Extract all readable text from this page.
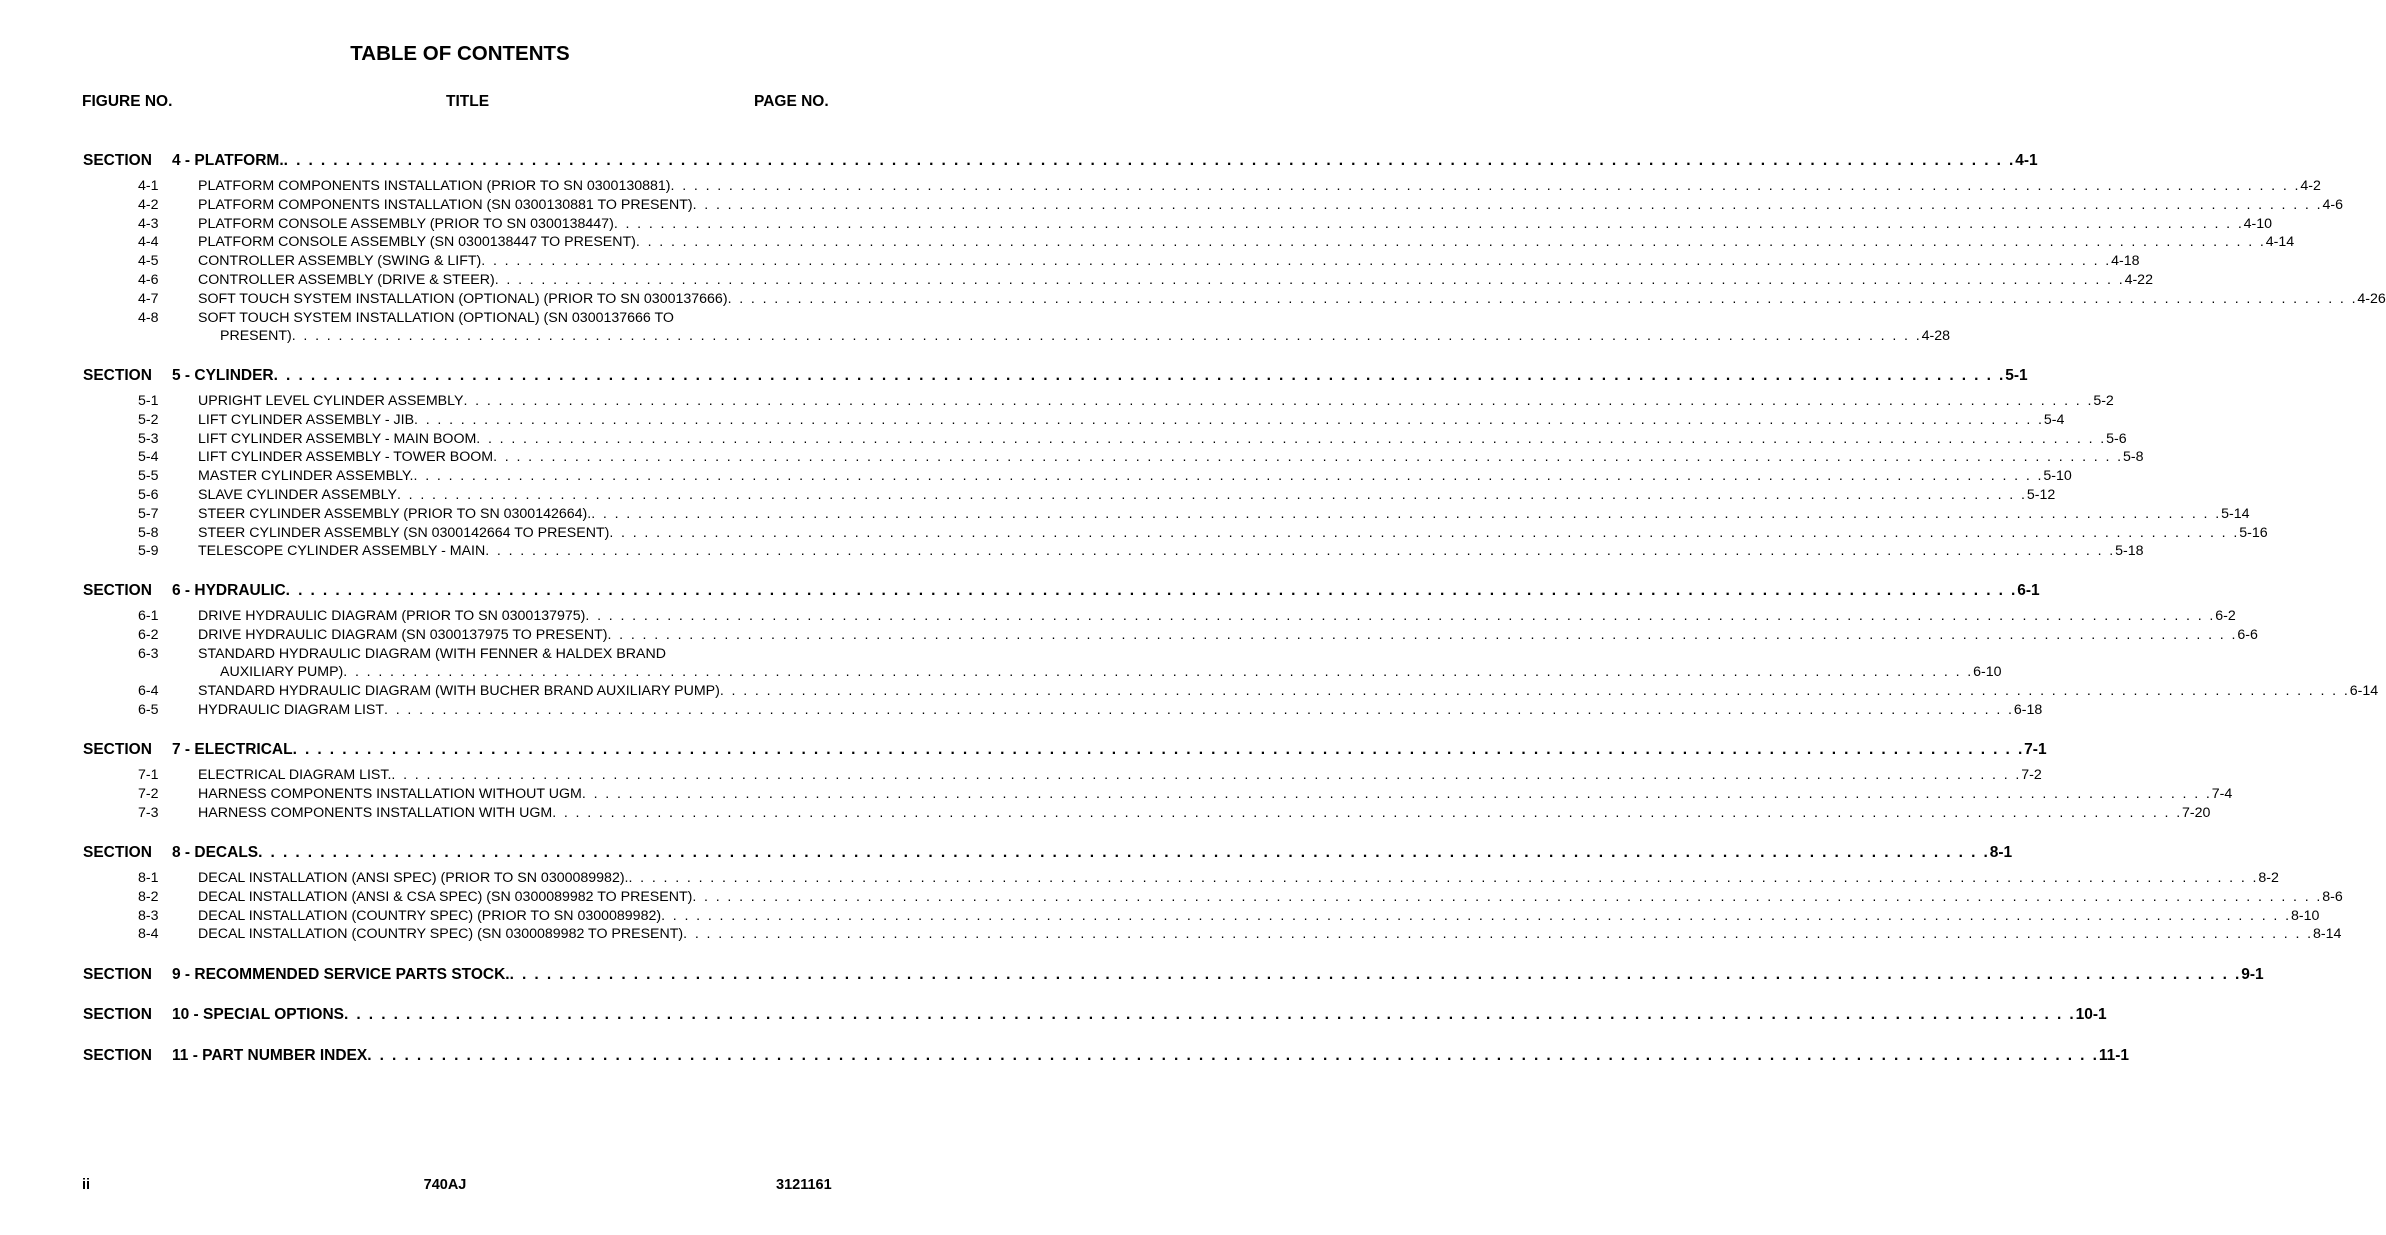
TABLE OF CONTENTS
FIGURE NO.	TITLE	PAGE NO.
SECTION 4 - PLATFORM. . . . . . . . . . . . . . . . . . . . . . . . . . . . . . . . . . . . . . . . . . . . . . . . . . . . . . . . . . . . . . . . . . . . . . . . . . . . . . . . . . . . . . . . . . . . . . . . . . . . . . . . . . . . . . . . . . . . . . . . . . . . . . . . . . . . . . . . . . . . . 4-1
4-1	PLATFORM COMPONENTS INSTALLATION (PRIOR TO SN 0300130881) . . . . . . . . . . . . . . . . . . . . . . . . . . . . . . . . . . . . . . . . . . . . . . . . . . . . . . . . . . . . . . . . . . . . . . . . . . . . . . . . . . . . . . . . . . . . . . . . . . . . . . . . . . . . . . . . . . . . . . . . . . . . . . . . . . . . . . . . . . . . 4-2
4-2	PLATFORM COMPONENTS INSTALLATION (SN 0300130881 TO PRESENT) . . . . . . . . . . . . . . . . . . . . . . . . . . . . . . . . . . . . . . . . . . . . . . . . . . . . . . . . . . . . . . . . . . . . . . . . . . . . . . . . . . . . . . . . . . . . . . . . . . . . . . . . . . . . . . . . . . . . . . . . . . . . . . . . . . . . . . . . . . . . 4-6
4-3	PLATFORM CONSOLE ASSEMBLY (PRIOR TO SN 0300138447) . . . . . . . . . . . . . . . . . . . . . . . . . . . . . . . . . . . . . . . . . . . . . . . . . . . . . . . . . . . . . . . . . . . . . . . . . . . . . . . . . . . . . . . . . . . . . . . . . . . . . . . . . . . . . . . . . . . . . . . . . . . . . . . . . . . . . . . . . . . . 4-10
4-4	PLATFORM CONSOLE ASSEMBLY (SN 0300138447 TO PRESENT) . . . . . . . . . . . . . . . . . . . . . . . . . . . . . . . . . . . . . . . . . . . . . . . . . . . . . . . . . . . . . . . . . . . . . . . . . . . . . . . . . . . . . . . . . . . . . . . . . . . . . . . . . . . . . . . . . . . . . . . . . . . . . . . . . . . . . . . . . . . . 4-14
4-5	CONTROLLER ASSEMBLY (SWING & LIFT) . . . . . . . . . . . . . . . . . . . . . . . . . . . . . . . . . . . . . . . . . . . . . . . . . . . . . . . . . . . . . . . . . . . . . . . . . . . . . . . . . . . . . . . . . . . . . . . . . . . . . . . . . . . . . . . . . . . . . . . . . . . . . . . . . . . . . . . . . . . . 4-18
4-6	CONTROLLER ASSEMBLY (DRIVE & STEER) . . . . . . . . . . . . . . . . . . . . . . . . . . . . . . . . . . . . . . . . . . . . . . . . . . . . . . . . . . . . . . . . . . . . . . . . . . . . . . . . . . . . . . . . . . . . . . . . . . . . . . . . . . . . . . . . . . . . . . . . . . . . . . . . . . . . . . . . . . . . 4-22
4-7	SOFT TOUCH SYSTEM INSTALLATION (OPTIONAL) (PRIOR TO SN 0300137666) . . . . . . . . . . . . . . . . . . . . . . . . . . . . . . . . . . . . . . . . . . . . . . . . . . . . . . . . . . . . . . . . . . . . . . . . . . . . . . . . . . . . . . . . . . . . . . . . . . . . . . . . . . . . . . . . . . . . . . . . . . . . . . . . . . . . . . . . . . . . 4-26
4-8	SOFT TOUCH SYSTEM INSTALLATION (OPTIONAL) (SN 0300137666 TO
PRESENT) . . . . . . . . . . . . . . . . . . . . . . . . . . . . . . . . . . . . . . . . . . . . . . . . . . . . . . . . . . . . . . . . . . . . . . . . . . . . . . . . . . . . . . . . . . . . . . . . . . . . . . . . . . . . . . . . . . . . . . . . . . . . . . . . . . . . . . . . . . . . 4-28
SECTION 5 - CYLINDER . . . . . . . . . . . . . . . . . . . . . . . . . . . . . . . . . . . . . . . . . . . . . . . . . . . . . . . . . . . . . . . . . . . . . . . . . . . . . . . . . . . . . . . . . . . . . . . . . . . . . . . . . . . . . . . . . . . . . . . . . . . . . . . . . . . . . . . . . . . . 5-1
5-1	UPRIGHT LEVEL CYLINDER ASSEMBLY . . . . . . . . . . . . . . . . . . . . . . . . . . . . . . . . . . . . . . . . . . . . . . . . . . . . . . . . . . . . . . . . . . . . . . . . . . . . . . . . . . . . . . . . . . . . . . . . . . . . . . . . . . . . . . . . . . . . . . . . . . . . . . . . . . . . . . . . . . . . 5-2
5-2	LIFT CYLINDER ASSEMBLY - JIB . . . . . . . . . . . . . . . . . . . . . . . . . . . . . . . . . . . . . . . . . . . . . . . . . . . . . . . . . . . . . . . . . . . . . . . . . . . . . . . . . . . . . . . . . . . . . . . . . . . . . . . . . . . . . . . . . . . . . . . . . . . . . . . . . . . . . . . . . . . . 5-4
5-3	LIFT CYLINDER ASSEMBLY - MAIN BOOM . . . . . . . . . . . . . . . . . . . . . . . . . . . . . . . . . . . . . . . . . . . . . . . . . . . . . . . . . . . . . . . . . . . . . . . . . . . . . . . . . . . . . . . . . . . . . . . . . . . . . . . . . . . . . . . . . . . . . . . . . . . . . . . . . . . . . . . . . . . . 5-6
5-4	LIFT CYLINDER ASSEMBLY - TOWER BOOM . . . . . . . . . . . . . . . . . . . . . . . . . . . . . . . . . . . . . . . . . . . . . . . . . . . . . . . . . . . . . . . . . . . . . . . . . . . . . . . . . . . . . . . . . . . . . . . . . . . . . . . . . . . . . . . . . . . . . . . . . . . . . . . . . . . . . . . . . . . . 5-8
5-5	MASTER CYLINDER ASSEMBLY. . . . . . . . . . . . . . . . . . . . . . . . . . . . . . . . . . . . . . . . . . . . . . . . . . . . . . . . . . . . . . . . . . . . . . . . . . . . . . . . . . . . . . . . . . . . . . . . . . . . . . . . . . . . . . . . . . . . . . . . . . . . . . . . . . . . . . . . . . . . . 5-10
5-6	SLAVE CYLINDER ASSEMBLY . . . . . . . . . . . . . . . . . . . . . . . . . . . . . . . . . . . . . . . . . . . . . . . . . . . . . . . . . . . . . . . . . . . . . . . . . . . . . . . . . . . . . . . . . . . . . . . . . . . . . . . . . . . . . . . . . . . . . . . . . . . . . . . . . . . . . . . . . . . . 5-12
5-7	STEER CYLINDER ASSEMBLY (PRIOR TO SN 0300142664). . . . . . . . . . . . . . . . . . . . . . . . . . . . . . . . . . . . . . . . . . . . . . . . . . . . . . . . . . . . . . . . . . . . . . . . . . . . . . . . . . . . . . . . . . . . . . . . . . . . . . . . . . . . . . . . . . . . . . . . . . . . . . . . . . . . . . . . . . . . . 5-14
5-8	STEER CYLINDER ASSEMBLY (SN 0300142664 TO PRESENT) . . . . . . . . . . . . . . . . . . . . . . . . . . . . . . . . . . . . . . . . . . . . . . . . . . . . . . . . . . . . . . . . . . . . . . . . . . . . . . . . . . . . . . . . . . . . . . . . . . . . . . . . . . . . . . . . . . . . . . . . . . . . . . . . . . . . . . . . . . . . 5-16
5-9	TELESCOPE CYLINDER ASSEMBLY - MAIN . . . . . . . . . . . . . . . . . . . . . . . . . . . . . . . . . . . . . . . . . . . . . . . . . . . . . . . . . . . . . . . . . . . . . . . . . . . . . . . . . . . . . . . . . . . . . . . . . . . . . . . . . . . . . . . . . . . . . . . . . . . . . . . . . . . . . . . . . . . . 5-18
SECTION 6 - HYDRAULIC . . . . . . . . . . . . . . . . . . . . . . . . . . . . . . . . . . . . . . . . . . . . . . . . . . . . . . . . . . . . . . . . . . . . . . . . . . . . . . . . . . . . . . . . . . . . . . . . . . . . . . . . . . . . . . . . . . . . . . . . . . . . . . . . . . . . . . . . . . . . 6-1
6-1	DRIVE HYDRAULIC DIAGRAM (PRIOR TO SN 0300137975) . . . . . . . . . . . . . . . . . . . . . . . . . . . . . . . . . . . . . . . . . . . . . . . . . . . . . . . . . . . . . . . . . . . . . . . . . . . . . . . . . . . . . . . . . . . . . . . . . . . . . . . . . . . . . . . . . . . . . . . . . . . . . . . . . . . . . . . . . . . . 6-2
6-2	DRIVE HYDRAULIC DIAGRAM (SN 0300137975 TO PRESENT) . . . . . . . . . . . . . . . . . . . . . . . . . . . . . . . . . . . . . . . . . . . . . . . . . . . . . . . . . . . . . . . . . . . . . . . . . . . . . . . . . . . . . . . . . . . . . . . . . . . . . . . . . . . . . . . . . . . . . . . . . . . . . . . . . . . . . . . . . . . . 6-6
6-3	STANDARD HYDRAULIC DIAGRAM (WITH FENNER & HALDEX BRAND
AUXILIARY PUMP) . . . . . . . . . . . . . . . . . . . . . . . . . . . . . . . . . . . . . . . . . . . . . . . . . . . . . . . . . . . . . . . . . . . . . . . . . . . . . . . . . . . . . . . . . . . . . . . . . . . . . . . . . . . . . . . . . . . . . . . . . . . . . . . . . . . . . . . . . . . . 6-10
6-4	STANDARD HYDRAULIC DIAGRAM (WITH BUCHER BRAND AUXILIARY PUMP) . . . . . . . . . . . . . . . . . . . . . . . . . . . . . . . . . . . . . . . . . . . . . . . . . . . . . . . . . . . . . . . . . . . . . . . . . . . . . . . . . . . . . . . . . . . . . . . . . . . . . . . . . . . . . . . . . . . . . . . . . . . . . . . . . . . . . . . . . . . . 6-14
6-5	HYDRAULIC DIAGRAM LIST . . . . . . . . . . . . . . . . . . . . . . . . . . . . . . . . . . . . . . . . . . . . . . . . . . . . . . . . . . . . . . . . . . . . . . . . . . . . . . . . . . . . . . . . . . . . . . . . . . . . . . . . . . . . . . . . . . . . . . . . . . . . . . . . . . . . . . . . . . . . 6-18
SECTION 7 - ELECTRICAL . . . . . . . . . . . . . . . . . . . . . . . . . . . . . . . . . . . . . . . . . . . . . . . . . . . . . . . . . . . . . . . . . . . . . . . . . . . . . . . . . . . . . . . . . . . . . . . . . . . . . . . . . . . . . . . . . . . . . . . . . . . . . . . . . . . . . . . . . . . . 7-1
7-1	ELECTRICAL DIAGRAM LIST. . . . . . . . . . . . . . . . . . . . . . . . . . . . . . . . . . . . . . . . . . . . . . . . . . . . . . . . . . . . . . . . . . . . . . . . . . . . . . . . . . . . . . . . . . . . . . . . . . . . . . . . . . . . . . . . . . . . . . . . . . . . . . . . . . . . . . . . . . . . . 7-2
7-2	HARNESS COMPONENTS INSTALLATION WITHOUT UGM . . . . . . . . . . . . . . . . . . . . . . . . . . . . . . . . . . . . . . . . . . . . . . . . . . . . . . . . . . . . . . . . . . . . . . . . . . . . . . . . . . . . . . . . . . . . . . . . . . . . . . . . . . . . . . . . . . . . . . . . . . . . . . . . . . . . . . . . . . . . 7-4
7-3	HARNESS COMPONENTS INSTALLATION WITH UGM . . . . . . . . . . . . . . . . . . . . . . . . . . . . . . . . . . . . . . . . . . . . . . . . . . . . . . . . . . . . . . . . . . . . . . . . . . . . . . . . . . . . . . . . . . . . . . . . . . . . . . . . . . . . . . . . . . . . . . . . . . . . . . . . . . . . . . . . . . . . 7-20
SECTION 8 - DECALS . . . . . . . . . . . . . . . . . . . . . . . . . . . . . . . . . . . . . . . . . . . . . . . . . . . . . . . . . . . . . . . . . . . . . . . . . . . . . . . . . . . . . . . . . . . . . . . . . . . . . . . . . . . . . . . . . . . . . . . . . . . . . . . . . . . . . . . . . . . . 8-1
8-1	DECAL INSTALLATION (ANSI SPEC) (PRIOR TO SN 0300089982). . . . . . . . . . . . . . . . . . . . . . . . . . . . . . . . . . . . . . . . . . . . . . . . . . . . . . . . . . . . . . . . . . . . . . . . . . . . . . . . . . . . . . . . . . . . . . . . . . . . . . . . . . . . . . . . . . . . . . . . . . . . . . . . . . . . . . . . . . . . . 8-2
8-2	DECAL INSTALLATION (ANSI & CSA SPEC) (SN 0300089982 TO PRESENT) . . . . . . . . . . . . . . . . . . . . . . . . . . . . . . . . . . . . . . . . . . . . . . . . . . . . . . . . . . . . . . . . . . . . . . . . . . . . . . . . . . . . . . . . . . . . . . . . . . . . . . . . . . . . . . . . . . . . . . . . . . . . . . . . . . . . . . . . . . . . 8-6
8-3	DECAL INSTALLATION (COUNTRY SPEC) (PRIOR TO SN 0300089982) . . . . . . . . . . . . . . . . . . . . . . . . . . . . . . . . . . . . . . . . . . . . . . . . . . . . . . . . . . . . . . . . . . . . . . . . . . . . . . . . . . . . . . . . . . . . . . . . . . . . . . . . . . . . . . . . . . . . . . . . . . . . . . . . . . . . . . . . . . . . 8-10
8-4	DECAL INSTALLATION (COUNTRY SPEC) (SN 0300089982 TO PRESENT) . . . . . . . . . . . . . . . . . . . . . . . . . . . . . . . . . . . . . . . . . . . . . . . . . . . . . . . . . . . . . . . . . . . . . . . . . . . . . . . . . . . . . . . . . . . . . . . . . . . . . . . . . . . . . . . . . . . . . . . . . . . . . . . . . . . . . . . . . . . . 8-14
SECTION 9 - RECOMMENDED SERVICE PARTS STOCK. . . . . . . . . . . . . . . . . . . . . . . . . . . . . . . . . . . . . . . . . . . . . . . . . . . . . . . . . . . . . . . . . . . . . . . . . . . . . . . . . . . . . . . . . . . . . . . . . . . . . . . . . . . . . . . . . . . . . . . . . . . . . . . . . . . . . . . . . . . . . 9-1
SECTION 10 - SPECIAL OPTIONS . . . . . . . . . . . . . . . . . . . . . . . . . . . . . . . . . . . . . . . . . . . . . . . . . . . . . . . . . . . . . . . . . . . . . . . . . . . . . . . . . . . . . . . . . . . . . . . . . . . . . . . . . . . . . . . . . . . . . . . . . . . . . . . . . . . . . . . . . . . . 10-1
SECTION 11 - PART NUMBER INDEX . . . . . . . . . . . . . . . . . . . . . . . . . . . . . . . . . . . . . . . . . . . . . . . . . . . . . . . . . . . . . . . . . . . . . . . . . . . . . . . . . . . . . . . . . . . . . . . . . . . . . . . . . . . . . . . . . . . . . . . . . . . . . . . . . . . . . . . . . . . . 11-1
ii	740AJ	3121161
